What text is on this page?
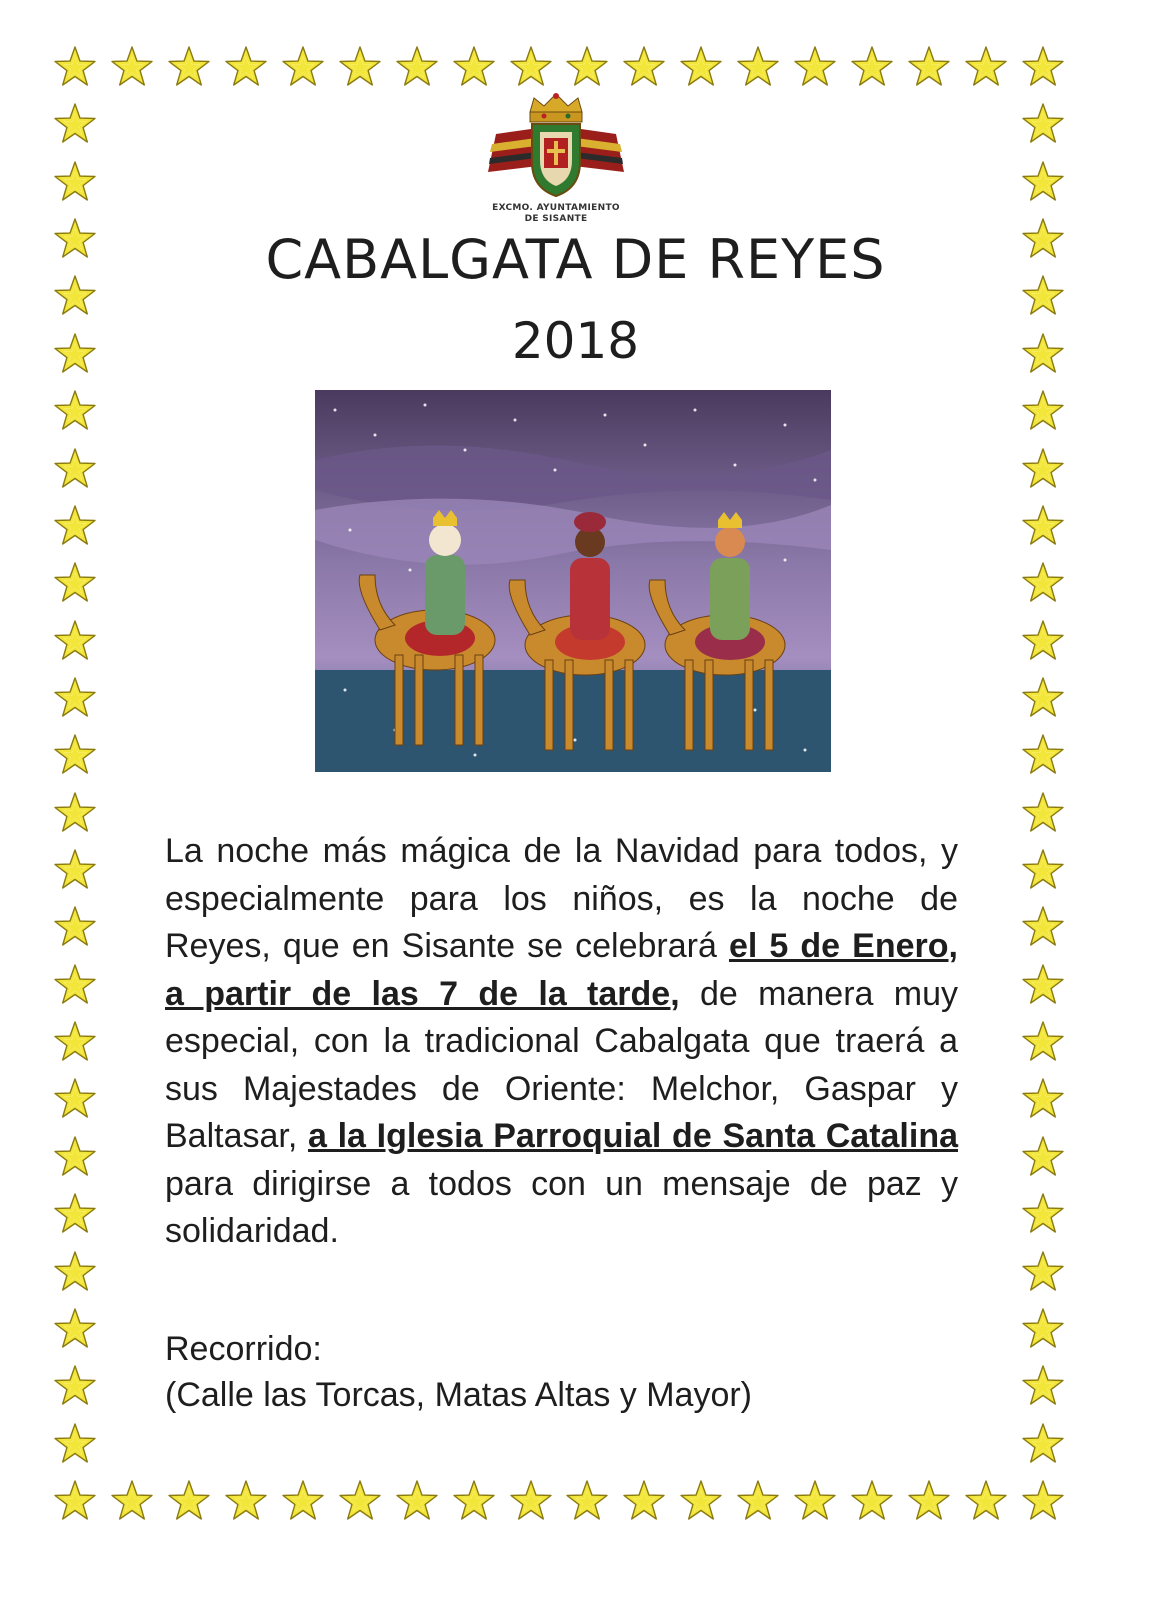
EXCMO. AYUNTAMIENTO
DE SISANTE
CABALGATA DE REYES
2018

La noche más mágica de la Navidad para todos, y especialmente para los niños, es la noche de Reyes, que en Sisante se celebrará el 5 de Enero, a partir de las 7 de la tarde, de manera muy especial, con la tradicional Cabalgata que traerá a sus Majestades de Oriente: Melchor, Gaspar y Baltasar, a la Iglesia Parroquial de Santa Catalina para dirigirse a todos con un mensaje de paz y solidaridad.

Recorrido:
(Calle las Torcas, Matas Altas y Mayor)
